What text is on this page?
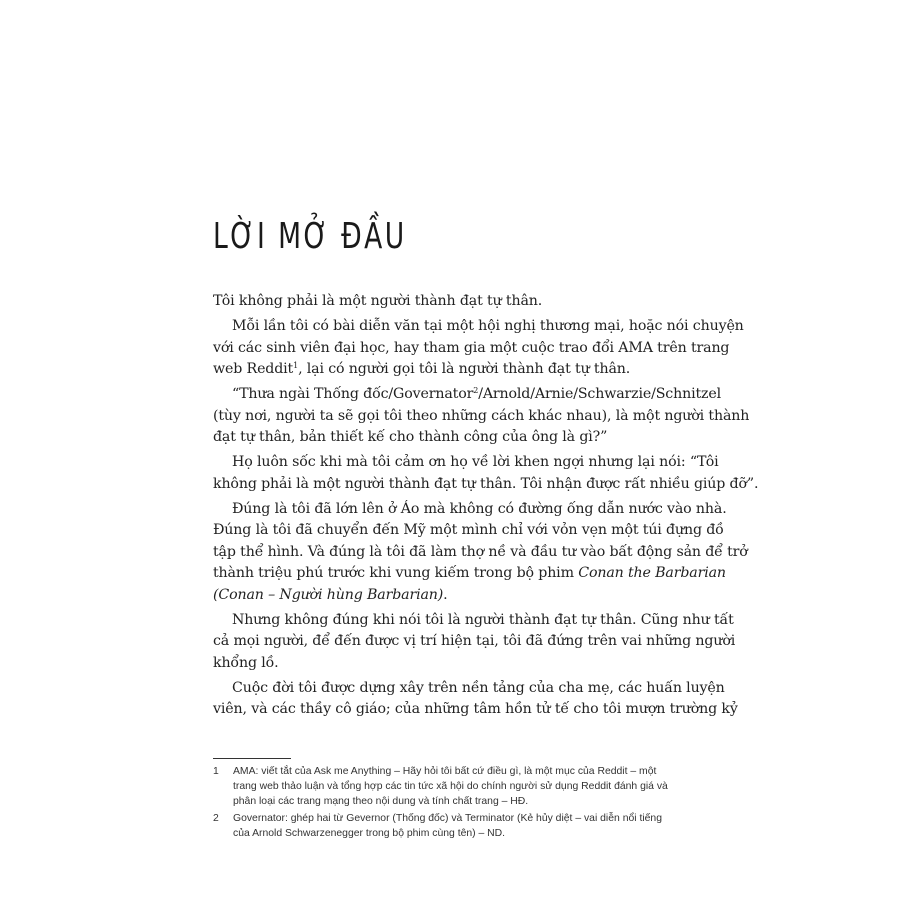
LỜI MỞ ĐẦU
Tôi không phải là một người thành đạt tự thân.
Mỗi lần tôi có bài diễn văn tại một hội nghị thương mại, hoặc nói chuyện
với các sinh viên đại học, hay tham gia một cuộc trao đổi AMA trên trang
web Reddit$^1$, lại có người gọi tôi là người thành đạt tự thân.
“Thưa ngài Thống đốc/Governator$^2$/Arnold/Arnie/Schwarzie/Schnitzel
(tùy nơi, người ta sẽ gọi tôi theo những cách khác nhau), là một người thành
đạt tự thân, bản thiết kế cho thành công của ông là gì?”
Họ luôn sốc khi mà tôi cảm ơn họ về lời khen ngợi nhưng lại nói: “Tôi
không phải là một người thành đạt tự thân. Tôi nhận được rất nhiều giúp đỡ”.
Đúng là tôi đã lớn lên ở Áo mà không có đường ống dẫn nước vào nhà.
Đúng là tôi đã chuyển đến Mỹ một mình chỉ với vỏn vẹn một túi đựng đồ
tập thể hình. Và đúng là tôi đã làm thợ nề và đầu tư vào bất động sản để trở
thành triệu phú trước khi vung kiếm trong bộ phim Conan the Barbarian
(Conan – Người hùng Barbarian).
Nhưng không đúng khi nói tôi là người thành đạt tự thân. Cũng như tất
cả mọi người, để đến được vị trí hiện tại, tôi đã đứng trên vai những người
khổng lồ.
Cuộc đời tôi được dựng xây trên nền tảng của cha mẹ, các huấn luyện
viên, và các thầy cô giáo; của những tâm hồn tử tế cho tôi mượn trường kỷ
1 AMA: viết tắt của Ask me Anything – Hãy hỏi tôi bất cứ điều gì, là một mục của Reddit – một
trang web thảo luận và tổng hợp các tin tức xã hội do chính người sử dụng Reddit đánh giá và
phân loại các trang mạng theo nội dung và tính chất trang – HĐ.
2 Governator: ghép hai từ Gevernor (Thống đốc) và Terminator (Kẻ hủy diệt – vai diễn nổi tiếng
của Arnold Schwarzenegger trong bộ phim cùng tên) – ND.
